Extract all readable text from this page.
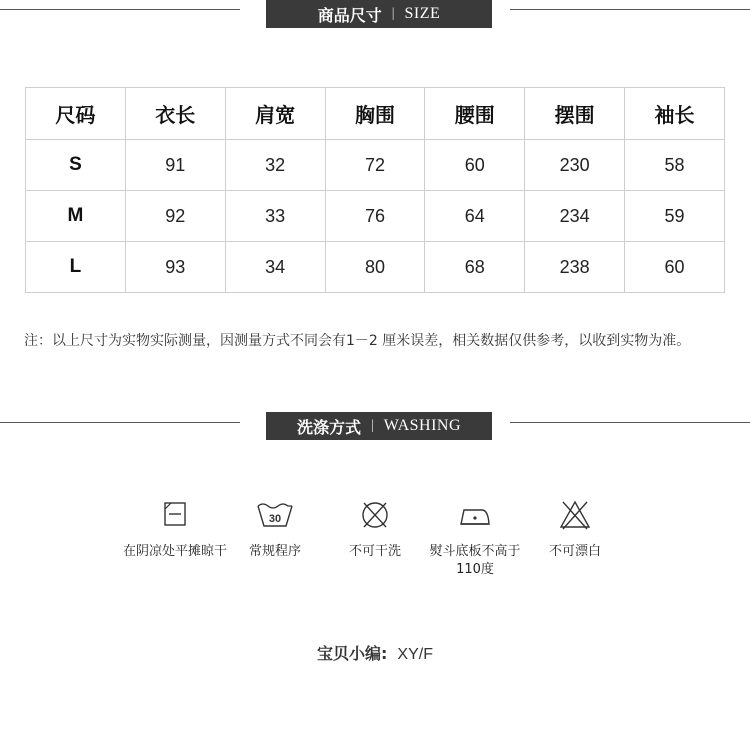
商品尺寸 | SIZE
尺码	衣长	肩宽	胸围	腰围	摆围	袖长
S	91	32	72	60	230	58
M	92	33	76	64	234	59
L	93	34	80	68	238	60
注：以上尺寸为实物实际测量，因测量方式不同会有1－2 厘米误差，相关数据仅供参考，以收到实物为准。
洗涤方式 | WASHING
在阴凉处平摊晾干
30
常规程序	不可干洗	熨斗底板不高于110度
不可漂白
宝贝小编: XY/F
